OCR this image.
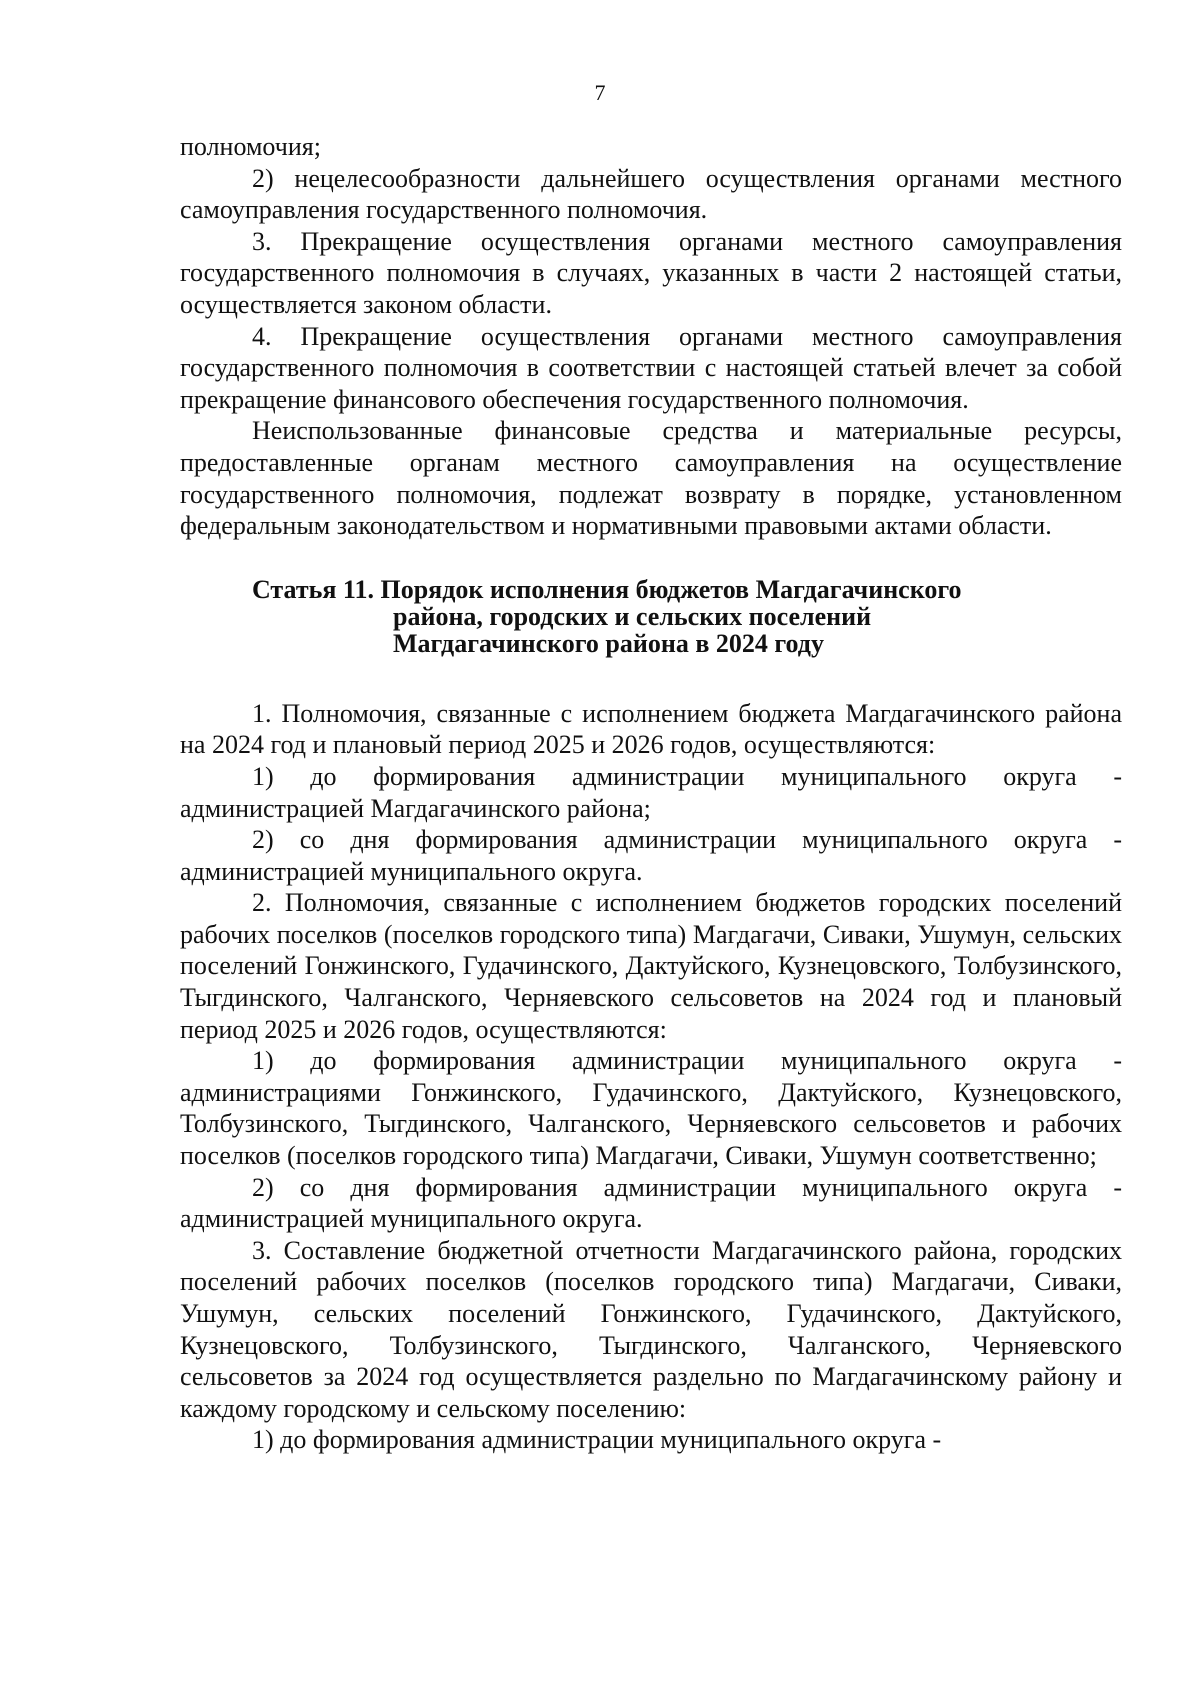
7

полномочия;

2) нецелесообразности дальнейшего осуществления органами местного самоуправления государственного полномочия.

3. Прекращение осуществления органами местного самоуправления государственного полномочия в случаях, указанных в части 2 настоящей статьи, осуществляется законом области.

4. Прекращение осуществления органами местного самоуправления государственного полномочия в соответствии с настоящей статьей влечет за собой прекращение финансового обеспечения государственного полномочия.

Неиспользованные финансовые средства и материальные ресурсы, предоставленные органам местного самоуправления на осуществление государственного полномочия, подлежат возврату в порядке, установленном федеральным законодательством и нормативными правовыми актами области.

Статья 11. Порядок исполнения бюджетов Магдагачинского
района, городских и сельских поселений
Магдагачинского района в 2024 году

1. Полномочия, связанные с исполнением бюджета Магдагачинского района на 2024 год и плановый период 2025 и 2026 годов, осуществляются:

1) до формирования администрации муниципального округа - администрацией Магдагачинского района;

2) со дня формирования администрации муниципального округа - администрацией муниципального округа.

2. Полномочия, связанные с исполнением бюджетов городских поселений рабочих поселков (поселков городского типа) Магдагачи, Сиваки, Ушумун, сельских поселений Гонжинского, Гудачинского, Дактуйского, Кузнецовского, Толбузинского, Тыгдинского, Чалганского, Черняевского сельсоветов на 2024 год и плановый период 2025 и 2026 годов, осуществляются:

1) до формирования администрации муниципального округа - администрациями Гонжинского, Гудачинского, Дактуйского, Кузнецовского, Толбузинского, Тыгдинского, Чалганского, Черняевского сельсоветов и рабочих поселков (поселков городского типа) Магдагачи, Сиваки, Ушумун соответственно;

2) со дня формирования администрации муниципального округа - администрацией муниципального округа.

3. Составление бюджетной отчетности Магдагачинского района, городских поселений рабочих поселков (поселков городского типа) Магдагачи, Сиваки, Ушумун, сельских поселений Гонжинского, Гудачинского, Дактуйского, Кузнецовского, Толбузинского, Тыгдинского, Чалганского, Черняевского сельсоветов за 2024 год осуществляется раздельно по Магдагачинскому району и каждому городскому и сельскому поселению:

1) до формирования администрации муниципального округа -
